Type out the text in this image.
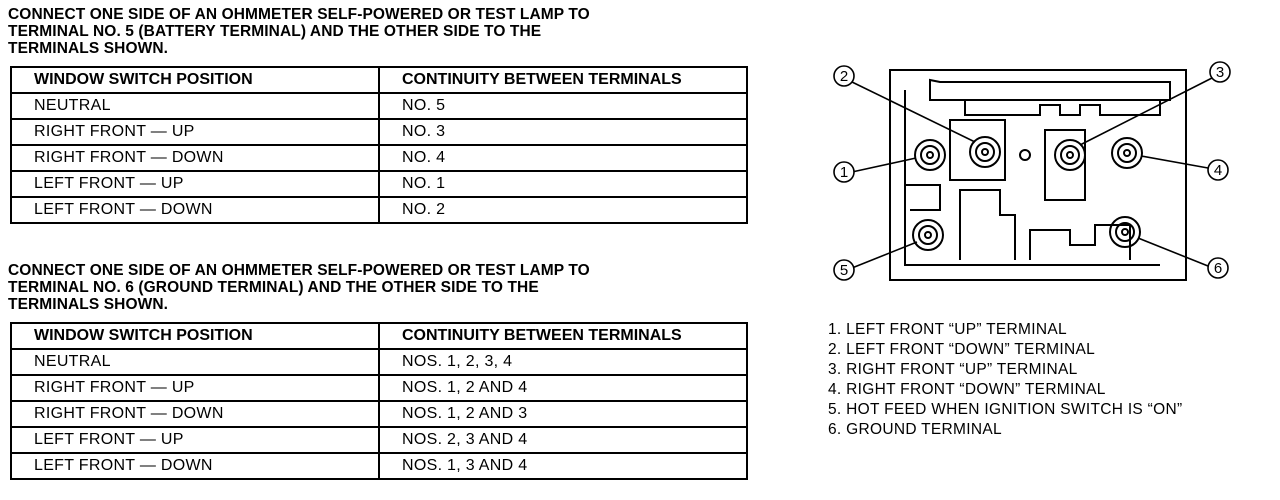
CONNECT ONE SIDE OF AN OHMMETER SELF-POWERED OR TEST LAMP TO
TERMINAL NO. 5 (BATTERY TERMINAL) AND THE OTHER SIDE TO THE
TERMINALS SHOWN.
WINDOW SWITCH POSITION	CONTINUITY BETWEEN TERMINALS
NEUTRAL	NO. 5
RIGHT FRONT — UP	NO. 3
RIGHT FRONT — DOWN	NO. 4
LEFT FRONT — UP	NO. 1
LEFT FRONT — DOWN	NO. 2
CONNECT ONE SIDE OF AN OHMMETER SELF-POWERED OR TEST LAMP TO
TERMINAL NO. 6 (GROUND TERMINAL) AND THE OTHER SIDE TO THE
TERMINALS SHOWN.
WINDOW SWITCH POSITION	CONTINUITY BETWEEN TERMINALS
NEUTRAL	NOS. 1, 2, 3, 4
RIGHT FRONT — UP	NOS. 1, 2 AND 4
RIGHT FRONT — DOWN	NOS. 1, 2 AND 3
LEFT FRONT — UP	NOS. 2, 3 AND 4
LEFT FRONT — DOWN	NOS. 1, 3 AND 4
1
2	3
4
5	6
1. LEFT FRONT “UP” TERMINAL
2. LEFT FRONT “DOWN” TERMINAL
3. RIGHT FRONT “UP” TERMINAL
4. RIGHT FRONT “DOWN” TERMINAL
5. HOT FEED WHEN IGNITION SWITCH IS “ON”
6. GROUND TERMINAL
